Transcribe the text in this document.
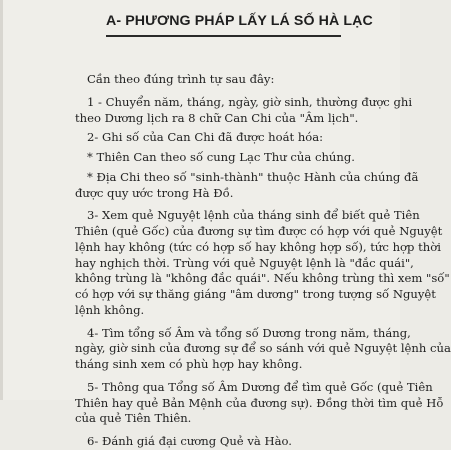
A- PHƯƠNG PHÁP LẤY LÁ SỐ HÀ LẠC
Cần theo đúng trình tự sau đây:
1 - Chuyển năm, tháng, ngày, giờ sinh, thường được ghi
theo Dương lịch ra 8 chữ Can Chi của "Âm lịch".
2- Ghi số của Can Chi đã được hoát hóa:
* Thiên Can theo số cung Lạc Thư của chúng.
* Địa Chi theo số "sinh-thành" thuộc Hành của chúng đã
được quy ước trong Hà Đồ.
3- Xem quẻ Nguyệt lệnh của tháng sinh để biết quẻ Tiên
Thiên (quẻ Gốc) của đương sự tìm được có hợp với quẻ Nguyệt
lệnh hay không (tức có hợp số hay không hợp số), tức hợp thời
hay nghịch thời. Trùng với quẻ Nguyệt lệnh là "đắc quái",
không trùng là "không đắc quái". Nếu không trùng thì xem "số"
có hợp với sự thăng giáng "âm dương" trong tượng số Nguyệt
lệnh không.
4- Tìm tổng số Âm và tổng số Dương trong năm, tháng,
ngày, giờ sinh của đương sự để so sánh với quẻ Nguyệt lệnh của
tháng sinh xem có phù hợp hay không.
5- Thông qua Tổng số Âm Dương để tìm quẻ Gốc (quẻ Tiên
Thiên hay quẻ Bản Mệnh của đương sự). Đồng thời tìm quẻ Hỗ
của quẻ Tiên Thiên.
6- Đánh giá đại cương Quẻ và Hào.
